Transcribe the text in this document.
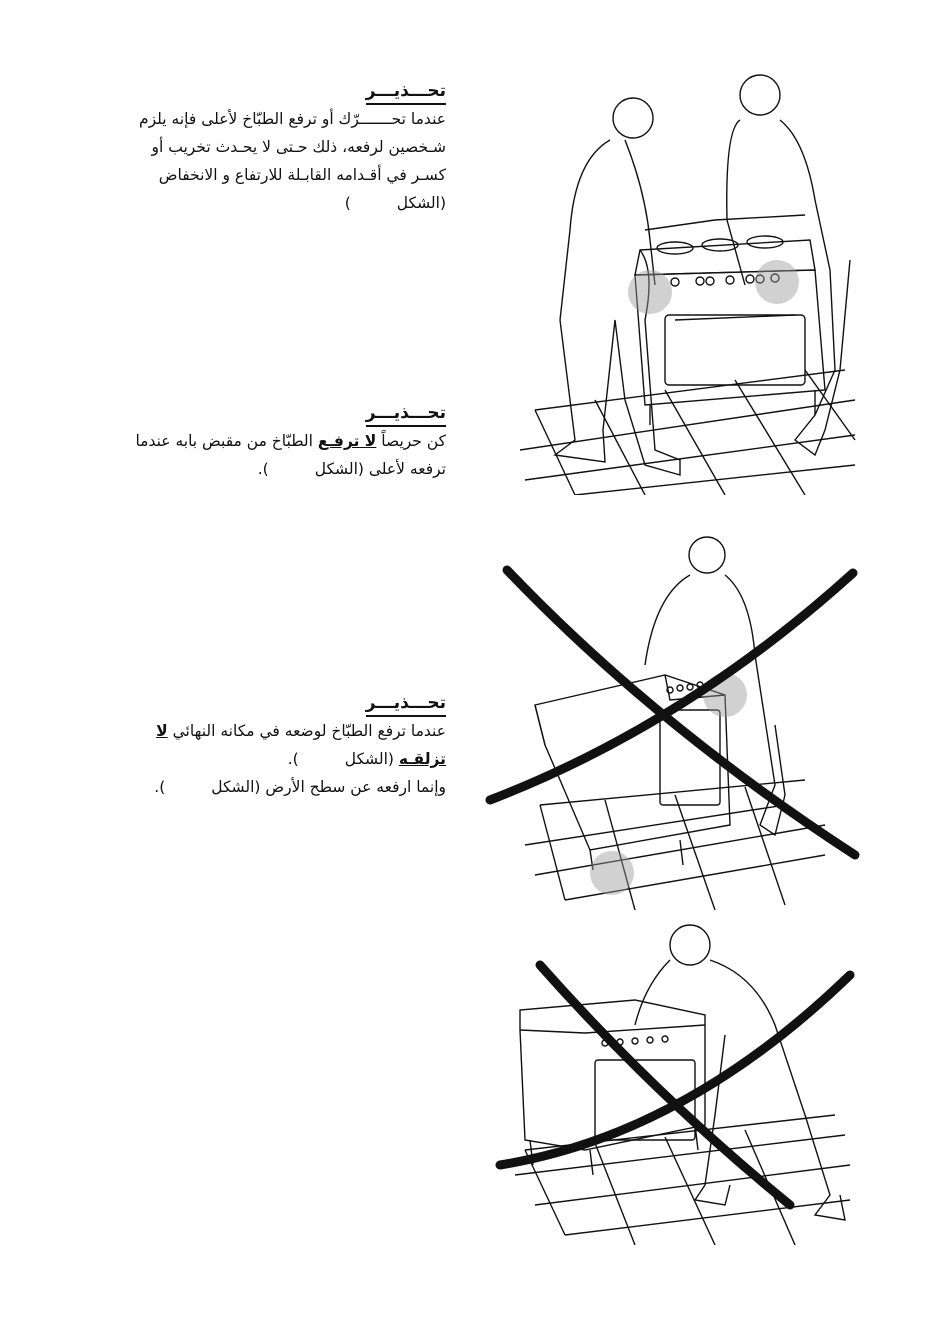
تحـــذيـــر
عندما تحـــــــرّك أو ترفع الطبّاخ لأعلى فإنه يلزم
شـخصين لرفعه، ذلك حـتى لا يحـدث تخريب أو
كسـر في أقـدامه القابـلة للارتفاع و الانخفاض
(الشكل)
تحـــذيـــر
كن حريصاً لا ترفـع الطبّاخ من مقبض بابه عندما
ترفعه لأعلى (الشكل).
تحـــذيـــر
عندما ترفع الطبّاخ لوضعه في مكانه النهائي لا
تزلقـه (الشكل).
وإنما ارفعه عن سطح الأرض (الشكل).
